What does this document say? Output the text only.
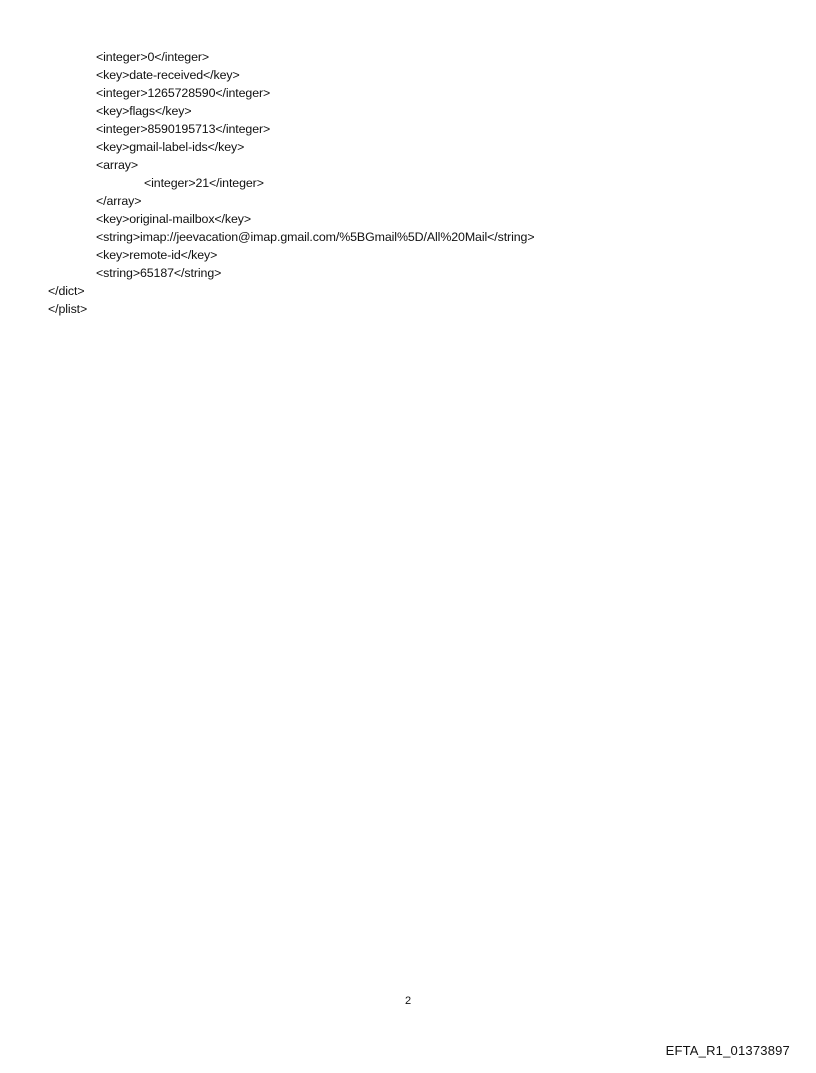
<integer>0</integer>
<key>date-received</key>
<integer>1265728590</integer>
<key>flags</key>
<integer>8590195713</integer>
<key>gmail-label-ids</key>
<array>
<integer>21</integer>
</array>
<key>original-mailbox</key>
<string>imap://jeevacation@imap.gmail.com/%5BGmail%5D/All%20Mail</string>
<key>remote-id</key>
<string>65187</string>
</dict>
</plist>
2
EFTA_R1_01373897
